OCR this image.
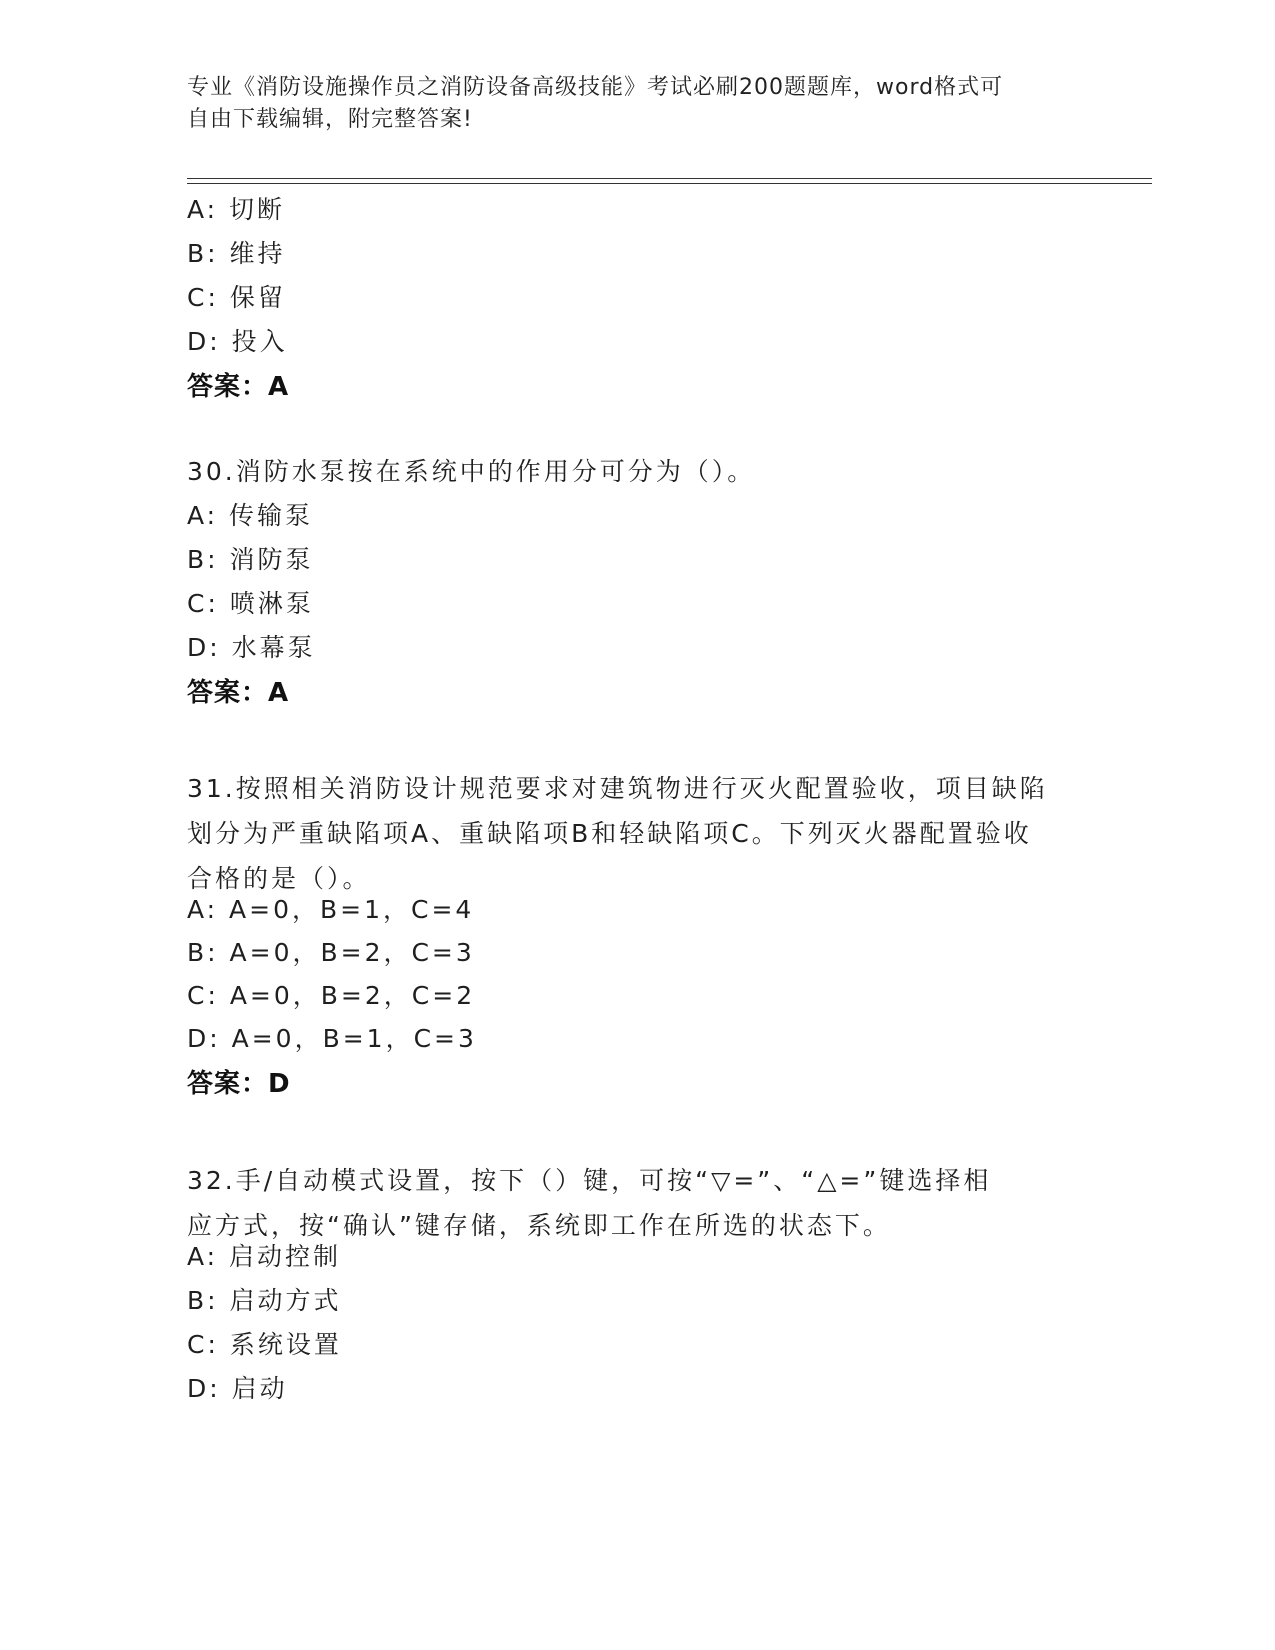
专业《消防设施操作员之消防设备高级技能》考试必刷200题题库，word格式可
自由下载编辑，附完整答案!
A: 切断
B: 维持
C: 保留
D: 投入
答案：A
30.消防水泵按在系统中的作用分可分为（）。
A: 传输泵
B: 消防泵
C: 喷淋泵
D: 水幕泵
答案：A
31.按照相关消防设计规范要求对建筑物进行灭火配置验收，项目缺陷
划分为严重缺陷项A、重缺陷项B和轻缺陷项C。下列灭火器配置验收
合格的是（）。
A: A=0，B=1，C=4
B: A=0，B=2，C=3
C: A=0，B=2，C=2
D: A=0，B=1，C=3
答案：D
32.手/自动模式设置，按下（）键，可按“▽=”、“△=”键选择相
应方式，按“确认”键存储，系统即工作在所选的状态下。
A: 启动控制
B: 启动方式
C: 系统设置
D: 启动
